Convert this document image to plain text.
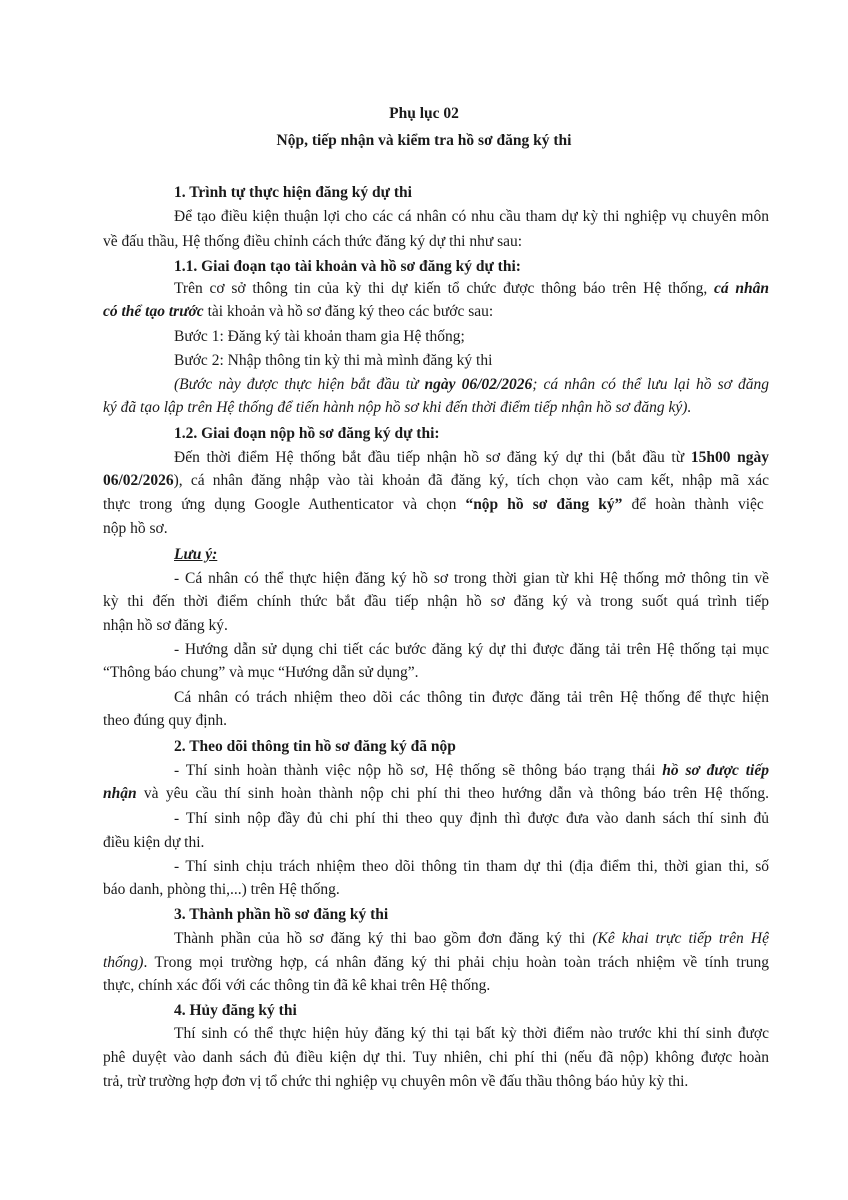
Phụ lục 02
Nộp, tiếp nhận và kiểm tra hồ sơ đăng ký thi
1. Trình tự thực hiện đăng ký dự thi
Để tạo điều kiện thuận lợi cho các cá nhân có nhu cầu tham dự kỳ thi nghiệp vụ chuyên môn
về đấu thầu, Hệ thống điều chỉnh cách thức đăng ký dự thi như sau:
1.1. Giai đoạn tạo tài khoản và hồ sơ đăng ký dự thi:
Trên cơ sở thông tin của kỳ thi dự kiến tổ chức được thông báo trên Hệ thống, cá nhân
có thể tạo trước tài khoản và hồ sơ đăng ký theo các bước sau:
Bước 1: Đăng ký tài khoản tham gia Hệ thống;
Bước 2: Nhập thông tin kỳ thi mà mình đăng ký thi
(Bước này được thực hiện bắt đầu từ ngày 06/02/2026; cá nhân có thể lưu lại hồ sơ đăng
ký đã tạo lập trên Hệ thống để tiến hành nộp hồ sơ khi đến thời điểm tiếp nhận hồ sơ đăng ký).
1.2. Giai đoạn nộp hồ sơ đăng ký dự thi:
Đến thời điểm Hệ thống bắt đầu tiếp nhận hồ sơ đăng ký dự thi (bắt đầu từ 15h00 ngày
06/02/2026), cá nhân đăng nhập vào tài khoản đã đăng ký, tích chọn vào cam kết, nhập mã xác
thực trong ứng dụng Google Authenticator và chọn “nộp hồ sơ đăng ký” để hoàn thành việc
nộp hồ sơ.
Lưu ý:
- Cá nhân có thể thực hiện đăng ký hồ sơ trong thời gian từ khi Hệ thống mở thông tin về
kỳ thi đến thời điểm chính thức bắt đầu tiếp nhận hồ sơ đăng ký và trong suốt quá trình tiếp
nhận hồ sơ đăng ký.
- Hướng dẫn sử dụng chi tiết các bước đăng ký dự thi được đăng tải trên Hệ thống tại mục
“Thông báo chung” và mục “Hướng dẫn sử dụng”.
Cá nhân có trách nhiệm theo dõi các thông tin được đăng tải trên Hệ thống để thực hiện
theo đúng quy định.
2. Theo dõi thông tin hồ sơ đăng ký đã nộp
- Thí sinh hoàn thành việc nộp hồ sơ, Hệ thống sẽ thông báo trạng thái hồ sơ được tiếp
nhận và yêu cầu thí sinh hoàn thành nộp chi phí thi theo hướng dẫn và thông báo trên Hệ thống.
- Thí sinh nộp đầy đủ chi phí thi theo quy định thì được đưa vào danh sách thí sinh đủ
điều kiện dự thi.
- Thí sinh chịu trách nhiệm theo dõi thông tin tham dự thi (địa điểm thi, thời gian thi, số
báo danh, phòng thi,...) trên Hệ thống.
3. Thành phần hồ sơ đăng ký thi
Thành phần của hồ sơ đăng ký thi bao gồm đơn đăng ký thi (Kê khai trực tiếp trên Hệ
thống). Trong mọi trường hợp, cá nhân đăng ký thi phải chịu hoàn toàn trách nhiệm về tính trung
thực, chính xác đối với các thông tin đã kê khai trên Hệ thống.
4. Hủy đăng ký thi
Thí sinh có thể thực hiện hủy đăng ký thi tại bất kỳ thời điểm nào trước khi thí sinh được
phê duyệt vào danh sách đủ điều kiện dự thi. Tuy nhiên, chi phí thi (nếu đã nộp) không được hoàn
trả, trừ trường hợp đơn vị tổ chức thi nghiệp vụ chuyên môn về đấu thầu thông báo hủy kỳ thi.
